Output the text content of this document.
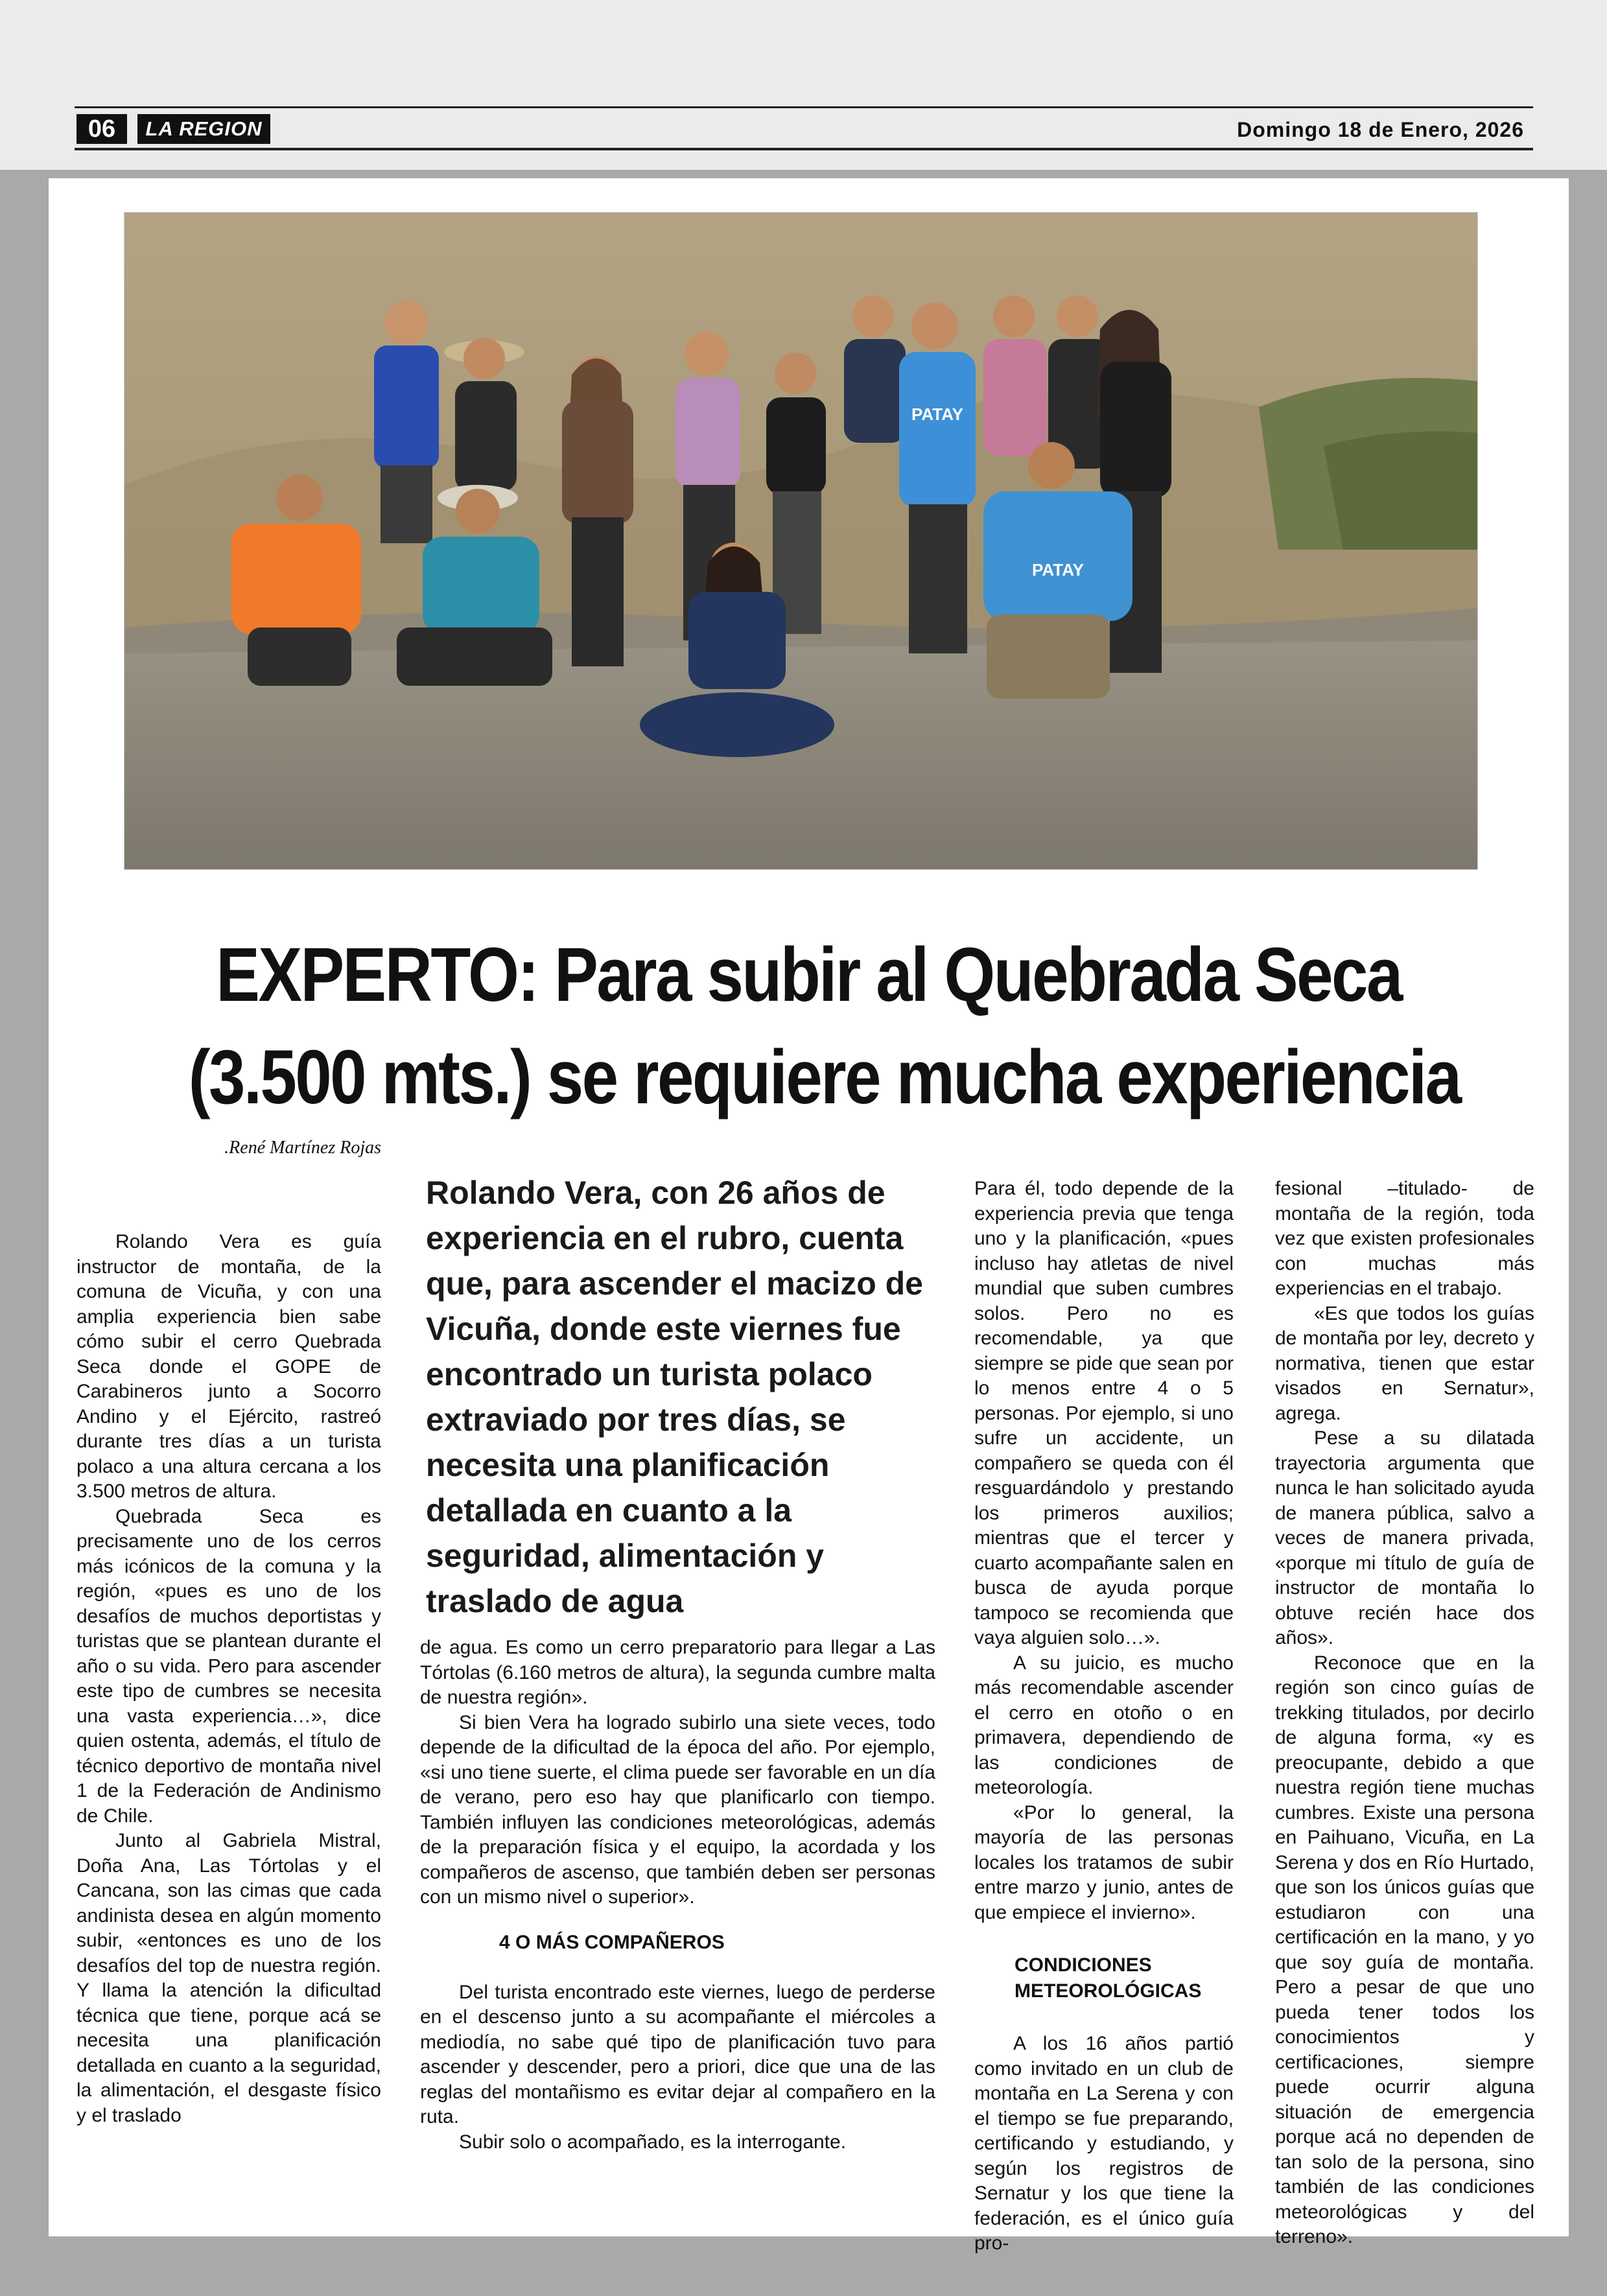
06	LA REGION	Domingo 18 de Enero, 2026
PATAY
PATAY
EXPERTO: Para subir al Quebrada Seca
(3.500 mts.) se requiere mucha experiencia
.René Martínez Rojas

Rolando Vera es guía instructor de montaña, de la comuna de Vicuña, y con una amplia experiencia bien sabe cómo subir el cerro Quebrada Seca donde el GOPE de Carabineros junto a Socorro Andino y el Ejército, rastreó durante tres días a un turista polaco a una altura cercana a los 3.500 metros de altura.

Quebrada Seca es precisamente uno de los cerros más icónicos de la comuna y la región, «pues es uno de los desafíos de muchos deportistas y turistas que se plantean durante el año o su vida. Pero para ascender este tipo de cumbres se necesita una vasta experiencia…», dice quien ostenta, además, el título de técnico deportivo de montaña nivel 1 de la Federación de Andinismo de Chile.

Junto al Gabriela Mistral, Doña Ana, Las Tórtolas y el Cancana, son las cimas que cada andinista desea en algún momento subir, «entonces es uno de los desafíos del top de nuestra región. Y llama la atención la dificultad técnica que tiene, porque acá se necesita una planificación detallada en cuanto a la seguridad, la alimentación, el desgaste físico y el traslado

Rolando Vera, con 26 años de experiencia en el rubro, cuenta que, para ascender el macizo de Vicuña, donde este viernes fue encontrado un turista polaco extraviado por tres días, se necesita una planificación detallada en cuanto a la seguridad, alimentación y traslado de agua

de agua. Es como un cerro preparatorio para llegar a Las Tórtolas (6.160 metros de altura), la segunda cumbre malta de nuestra región».

Si bien Vera ha logrado subirlo una siete veces, todo depende de la dificultad de la época del año. Por ejemplo, «si uno tiene suerte, el clima puede ser favorable en un día de verano, pero eso hay que planificarlo con tiempo. También influyen las condiciones meteorológicas, además de la preparación física y el equipo, la acordada y los compañeros de ascenso, que también deben ser personas con un mismo nivel o superior».

4 O MÁS COMPAÑEROS

Del turista encontrado este viernes, luego de perderse en el descenso junto a su acompañante el miércoles a mediodía, no sabe qué tipo de planificación tuvo para ascender y descender, pero a priori, dice que una de las reglas del montañismo es evitar dejar al compañero en la ruta.

Subir solo o acompañado, es la interrogante.

Para él, todo depende de la experiencia previa que tenga uno y la planificación, «pues incluso hay atletas de nivel mundial que suben cumbres solos. Pero no es recomendable, ya que siempre se pide que sean por lo menos entre 4 o 5 personas. Por ejemplo, si uno sufre un accidente, un compañero se queda con él resguardándolo y prestando los primeros auxilios; mientras que el tercer y cuarto acompañante salen en busca de ayuda porque tampoco se recomienda que vaya alguien solo…».

A su juicio, es mucho más recomendable ascender el cerro en otoño o en primavera, dependiendo de las condiciones de meteorología.

«Por lo general, la mayoría de las personas locales los tratamos de subir entre marzo y junio, antes de que empiece el invierno».

CONDICIONES
METEOROLÓGICAS

A los 16 años partió como invitado en un club de montaña en La Serena y con el tiempo se fue preparando, certificando y estudiando, y según los registros de Sernatur y los que tiene la federación, es el único guía pro-

fesional –titulado- de montaña de la región, toda vez que existen profesionales con muchas más experiencias en el trabajo.

«Es que todos los guías de montaña por ley, decreto y normativa, tienen que estar visados en Sernatur», agrega.

Pese a su dilatada trayectoria argumenta que nunca le han solicitado ayuda de manera pública, salvo a veces de manera privada, «porque mi título de guía de instructor de montaña lo obtuve recién hace dos años».

Reconoce que en la región son cinco guías de trekking titulados, por decirlo de alguna forma, «y es preocupante, debido a que nuestra región tiene muchas cumbres. Existe una persona en Paihuano, Vicuña, en La Serena y dos en Río Hurtado, que son los únicos guías que estudiaron con una certificación en la mano, y yo que soy guía de montaña. Pero a pesar de que uno pueda tener todos los conocimientos y certificaciones, siempre puede ocurrir alguna situación de emergencia porque acá no dependen de tan solo de la persona, sino también de las condiciones meteorológicas y del terreno».
